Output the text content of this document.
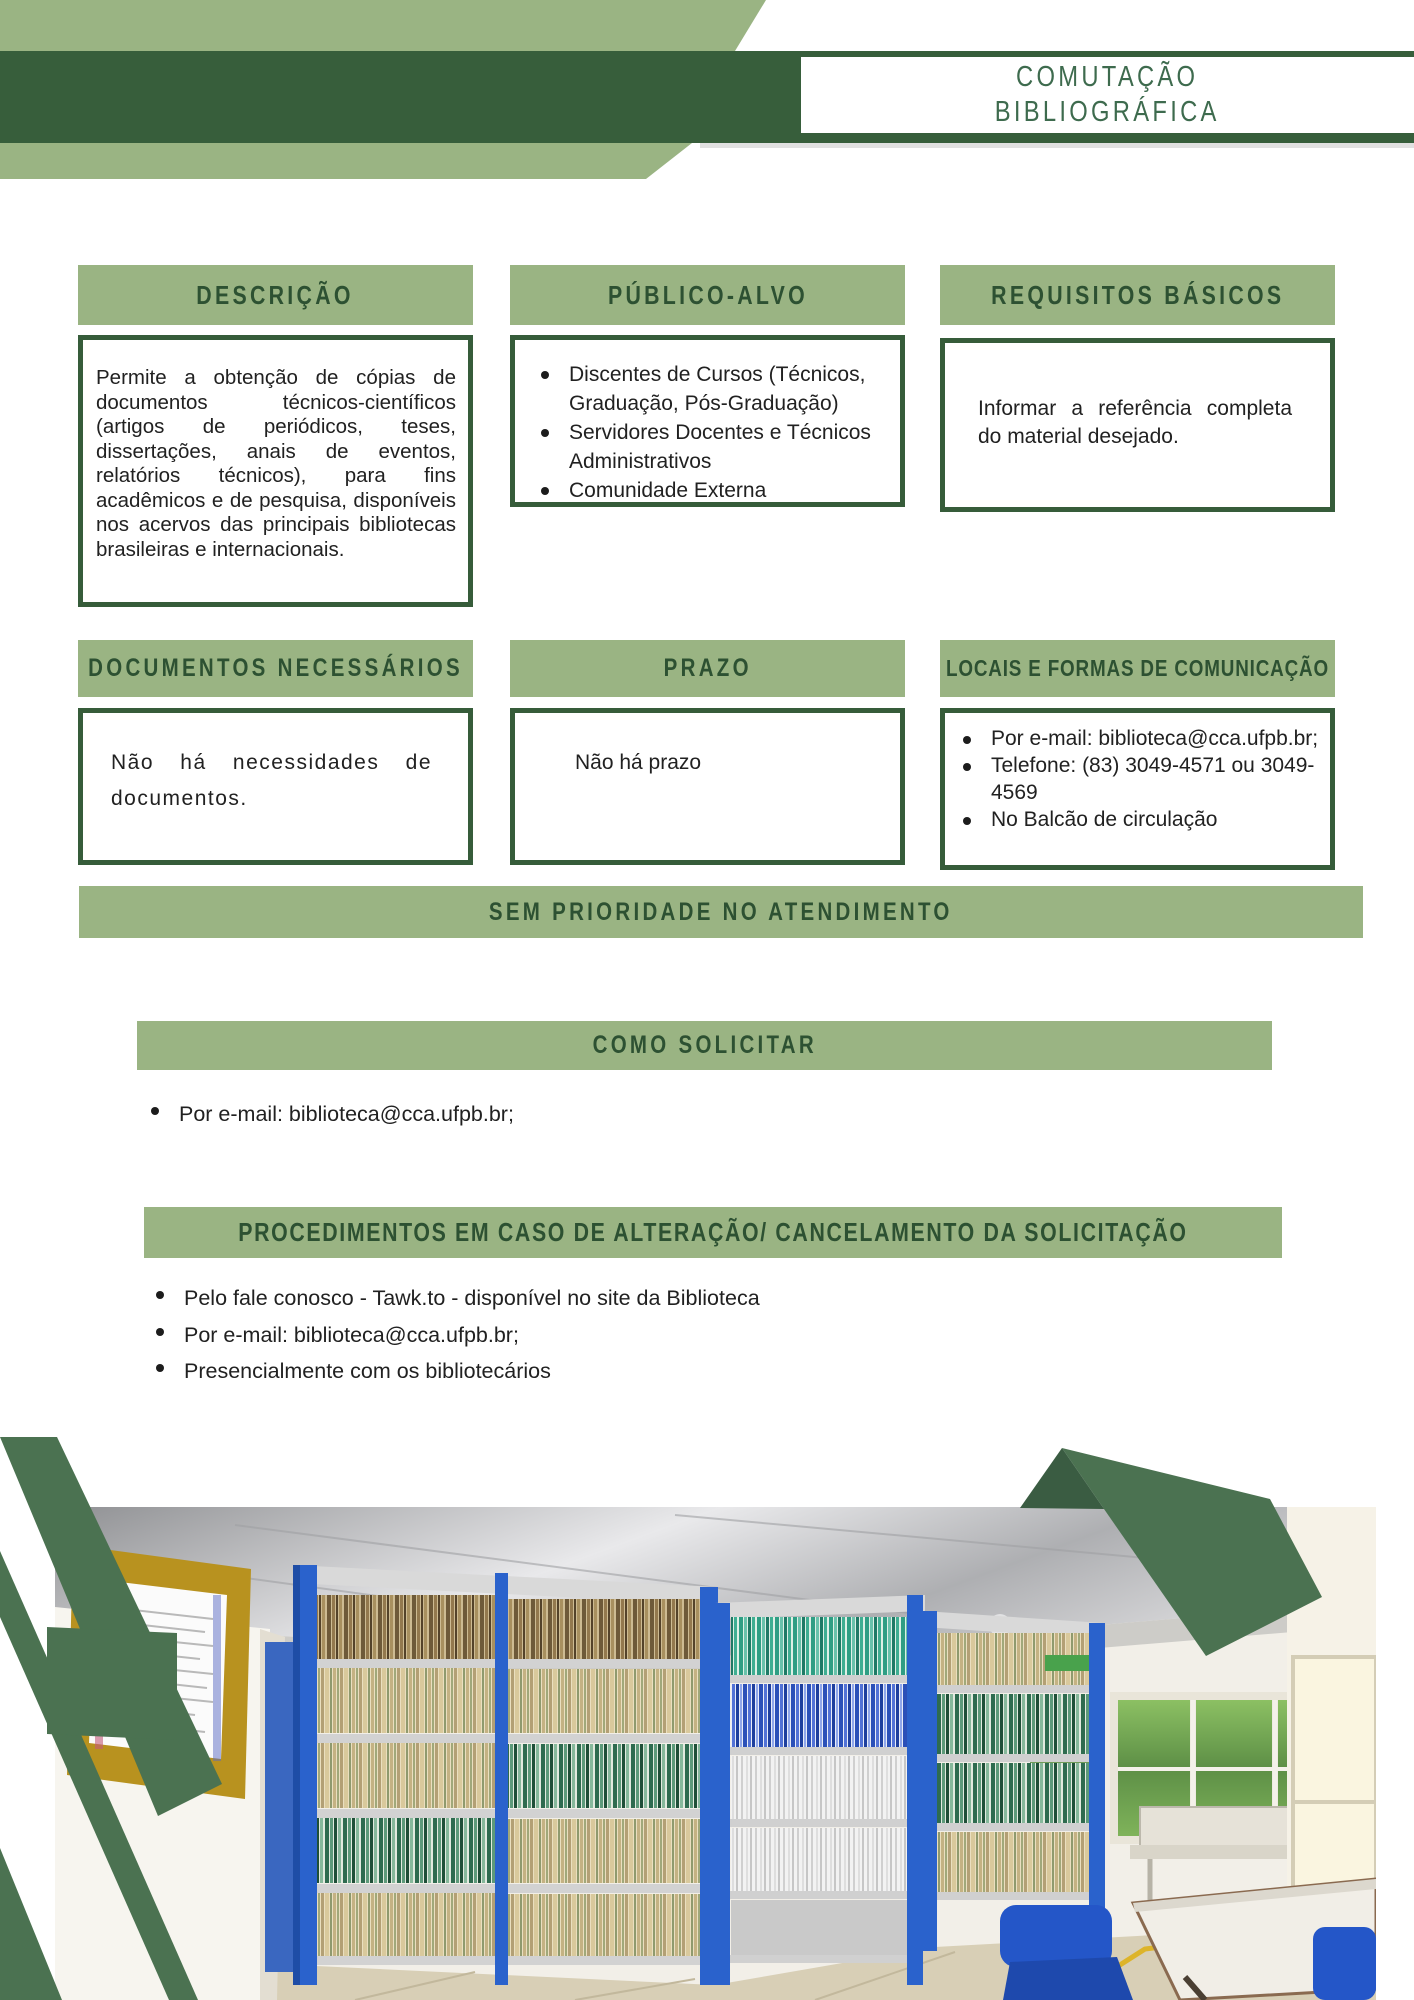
COMUTAÇÃO
BIBLIOGRÁFICA
DESCRIÇÃO
Permite a obtenção de cópias de documentos técnicos-científicos (artigos de periódicos, teses, dissertações, anais de eventos, relatórios técnicos), para fins acadêmicos e de pesquisa, disponíveis nos acervos das principais bibliotecas brasileiras e internacionais.
PÚBLICO-ALVO
Discentes de Cursos (Técnicos, Graduação, Pós-Graduação)
Servidores Docentes e Técnicos Administrativos
Comunidade Externa
REQUISITOS BÁSICOS
Informar a referência completa do material desejado.
DOCUMENTOS NECESSÁRIOS
Não há necessidades de documentos.
PRAZO
Não há prazo
LOCAIS E FORMAS DE COMUNICAÇÃO
Por e-mail: biblioteca@cca.ufpb.br;
Telefone: (83) 3049-4571 ou 3049-4569
No Balcão de circulação
SEM PRIORIDADE NO ATENDIMENTO
COMO SOLICITAR
Por e-mail: biblioteca@cca.ufpb.br;
PROCEDIMENTOS EM CASO DE ALTERAÇÃO/ CANCELAMENTO DA SOLICITAÇÃO
Pelo fale conosco - Tawk.to - disponível no site da Biblioteca
Por e-mail: biblioteca@cca.ufpb.br;
Presencialmente com os bibliotecários
